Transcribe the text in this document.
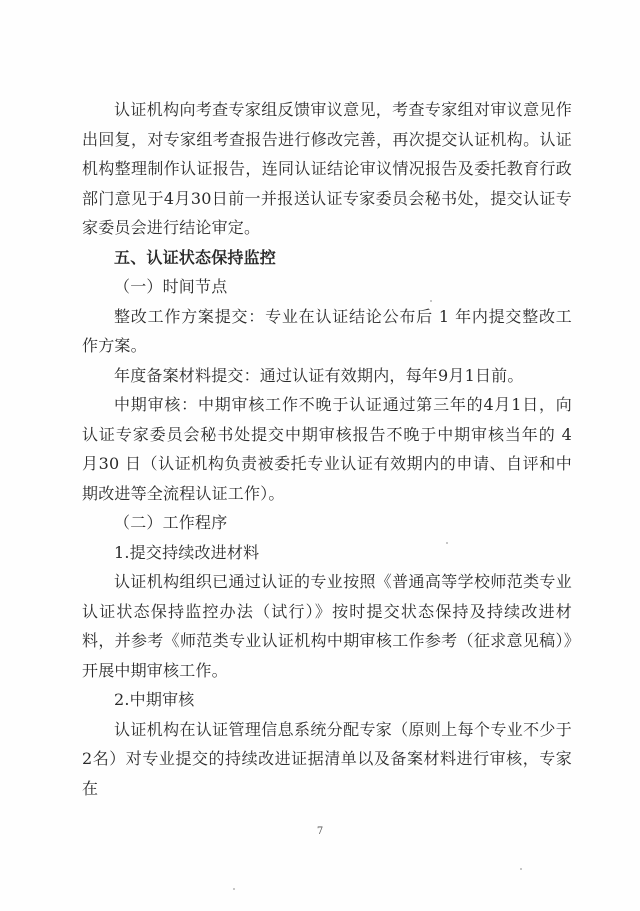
认证机构向考查专家组反馈审议意见，考查专家组对审议意见作出回复，对专家组考查报告进行修改完善，再次提交认证机构。认证机构整理制作认证报告，连同认证结论审议情况报告及委托教育行政部门意见于4月30日前一并报送认证专家委员会秘书处，提交认证专家委员会进行结论审定。

五、认证状态保持监控

（一）时间节点

整改工作方案提交：专业在认证结论公布后 1 年内提交整改工作方案。

年度备案材料提交：通过认证有效期内，每年9月1日前。

中期审核：中期审核工作不晚于认证通过第三年的4月1日，向认证专家委员会秘书处提交中期审核报告不晚于中期审核当年的 4 月30 日（认证机构负责被委托专业认证有效期内的申请、自评和中期改进等全流程认证工作）。

（二）工作程序

1.提交持续改进材料

认证机构组织已通过认证的专业按照《普通高等学校师范类专业认证状态保持监控办法（试行）》按时提交状态保持及持续改进材料，并参考《师范类专业认证机构中期审核工作参考（征求意见稿）》开展中期审核工作。

2.中期审核

认证机构在认证管理信息系统分配专家（原则上每个专业不少于2名）对专业提交的持续改进证据清单以及备案材料进行审核，专家在

7
